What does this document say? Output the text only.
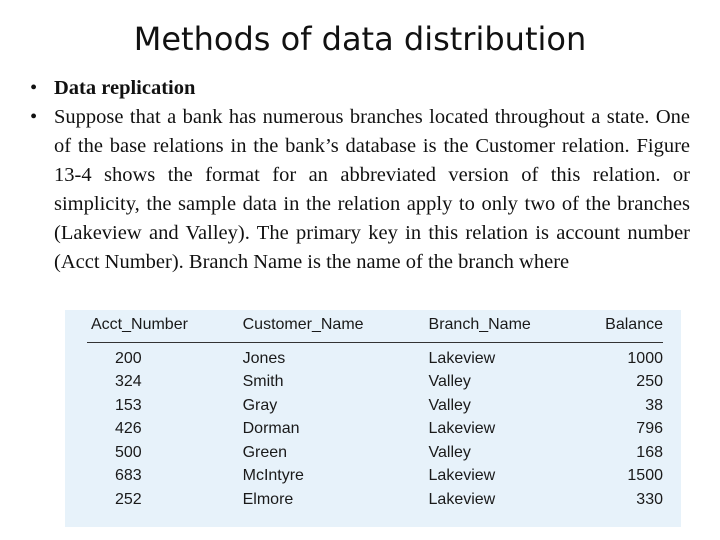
Methods of data distribution
• Data replication
• Suppose that a bank has numerous branches located throughout a state. One of the base relations in the bank’s database is the Customer relation. Figure 13-4 shows the format for an abbreviated version of this relation. or simplicity, the sample data in the relation apply to only two of the branches (Lakeview and Valley). The primary key in this relation is account number (Acct Number). Branch Name is the name of the branch where
Acct_Number	Customer_Name	Branch_Name	Balance
200	Jones	Lakeview	1000
324	Smith	Valley	250
153	Gray	Valley	38
426	Dorman	Lakeview	796
500	Green	Valley	168
683	McIntyre	Lakeview	1500
252	Elmore	Lakeview	330
